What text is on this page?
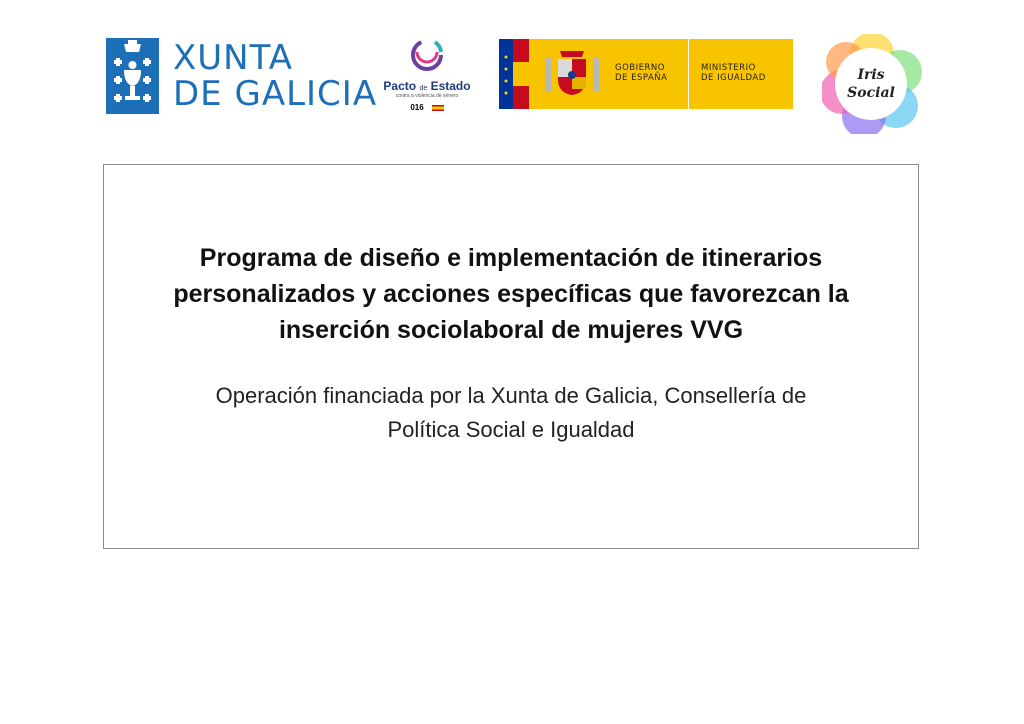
XUNTA
DE GALICIA Pacto de Estado
contra a violencia de xénero
016
GOBIERNO
DE ESPAÑA
MINISTERIO
DE IGUALDAD	Iris
Social
Programa de diseño e implementación de itinerarios
personalizados y acciones específicas que favorezcan la
inserción sociolaboral de mujeres VVG
Operación financiada por la Xunta de Galicia, Consellería de
Política Social e Igualdad
